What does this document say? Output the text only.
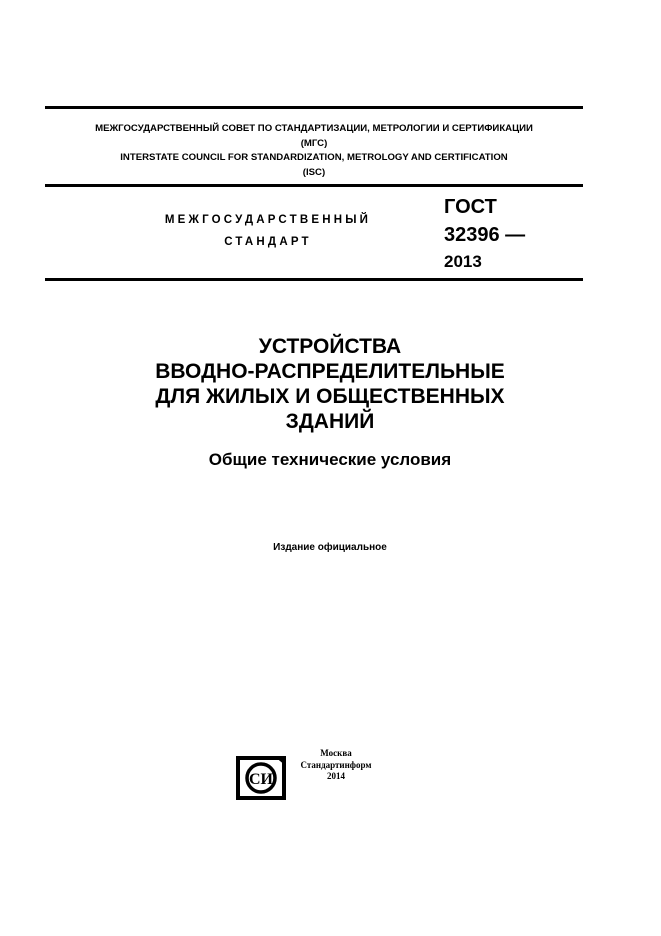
МЕЖГОСУДАРСТВЕННЫЙ СОВЕТ ПО СТАНДАРТИЗАЦИИ, МЕТРОЛОГИИ И СЕРТИФИКАЦИИ
(МГС)
INTERSTATE COUNCIL FOR STANDARDIZATION, METROLOGY AND CERTIFICATION
(ISC)
МЕЖГОСУДАРСТВЕННЫЙ
СТАНДАРТ
ГОСТ
32396 —
2013
УСТРОЙСТВА
ВВОДНО-РАСПРЕДЕЛИТЕЛЬНЫЕ
ДЛЯ ЖИЛЫХ И ОБЩЕСТВЕННЫХ
ЗДАНИЙ
Общие технические условия
Издание официальное
СИ
Москва
Стандартинформ
2014
